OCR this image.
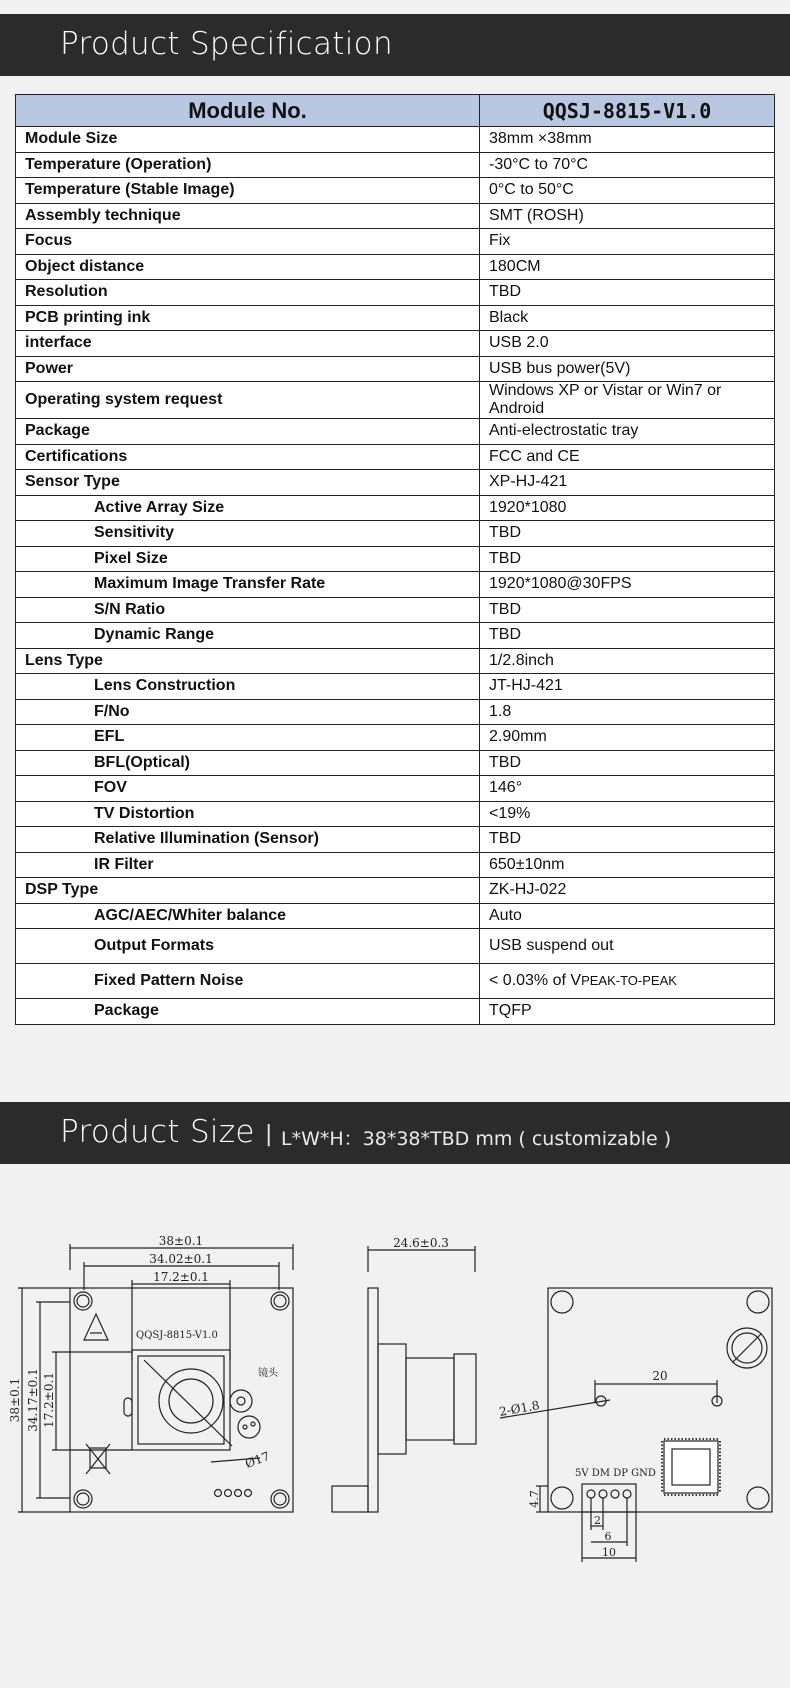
Product Specification
Module No.	QQSJ-8815-V1.0
Module Size	38mm ×38mm
Temperature (Operation)	-30°C to 70°C
Temperature (Stable Image)	0°C to 50°C
Assembly technique	SMT (ROSH)
Focus	Fix
Object distance	180CM
Resolution	TBD
PCB printing ink	Black
interface	USB 2.0
Power	USB bus power(5V)
Operating system request	Windows XP or Vistar or Win7 or Android
Package	Anti-electrostatic tray
Certifications	FCC and CE
Sensor Type	XP-HJ-421
Active Array Size	1920*1080
Sensitivity	TBD
Pixel Size	TBD
Maximum Image Transfer Rate	1920*1080@30FPS
S/N Ratio	TBD
Dynamic Range	TBD
Lens Type	1/2.8inch
Lens Construction	JT-HJ-421
F/No	1.8
EFL	2.90mm
BFL(Optical)	TBD
FOV	146°
TV Distortion	<19%
Relative Illumination (Sensor)	TBD
IR Filter	650±10nm
DSP Type	ZK-HJ-022
AGC/AEC/Whiter balance	Auto
Output Formats	USB suspend out
Fixed Pattern Noise	< 0.03% of VPEAK-TO-PEAK
Package	TQFP
Product Size | L*W*H：38*38*TBD mm ( customizable )
38±0.1
34.02±0.1
17.2±0.1
38±0.1 34.17±0.1 17.2±0.1
QQSJ-8815-V1.0
镜头
Ø17
24.6±0.3
20
2-Ø1.8
5V DM DP GND
4.7
2
6
10
